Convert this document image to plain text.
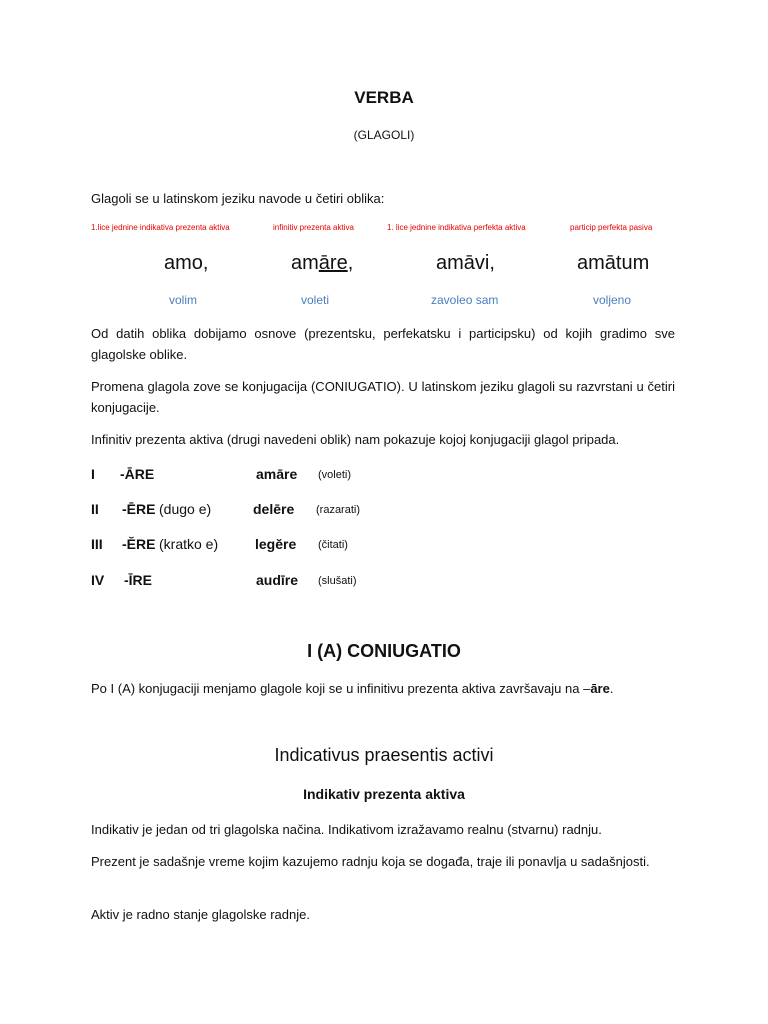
VERBA
(GLAGOLI)
Glagoli se u latinskom jeziku navode u četiri oblika:
1.lice jednine indikativa prezenta aktiva	infinitiv prezenta aktiva	1. lice jednine indikativa perfekta aktiva	particip perfekta pasiva
amo,	amāre,	amāvi,	amātum
volim	voleti	zavoleo sam	voljeno
Od datih oblika dobijamo osnove (prezentsku, perfekatsku i participsku) od kojih gradimo sve glagolske oblike.
Promena glagola zove se konjugacija (CONIUGATIO). U latinskom jeziku glagoli su razvrstani u četiri konjugacije.
Infinitiv prezenta aktiva (drugi navedeni oblik) nam pokazuje kojoj konjugaciji glagol pripada.
I -ĀRE	amāre (voleti)
II -ĒRE (dugo e)	delēre (razarati)
III -ĔRE (kratko e)	legĕre (čitati)
IV -ĪRE	audīre (slušati)
I (A) CONIUGATIO
Po I (A) konjugaciji menjamo glagole koji se u infinitivu prezenta aktiva završavaju na –āre.
Indicativus praesentis activi
Indikativ prezenta aktiva
Indikativ je jedan od tri glagolska načina. Indikativom izražavamo realnu (stvarnu) radnju.
Prezent je sadašnje vreme kojim kazujemo radnju koja se događa, traje ili ponavlja u sadašnjosti.
Aktiv je radno stanje glagolske radnje.
